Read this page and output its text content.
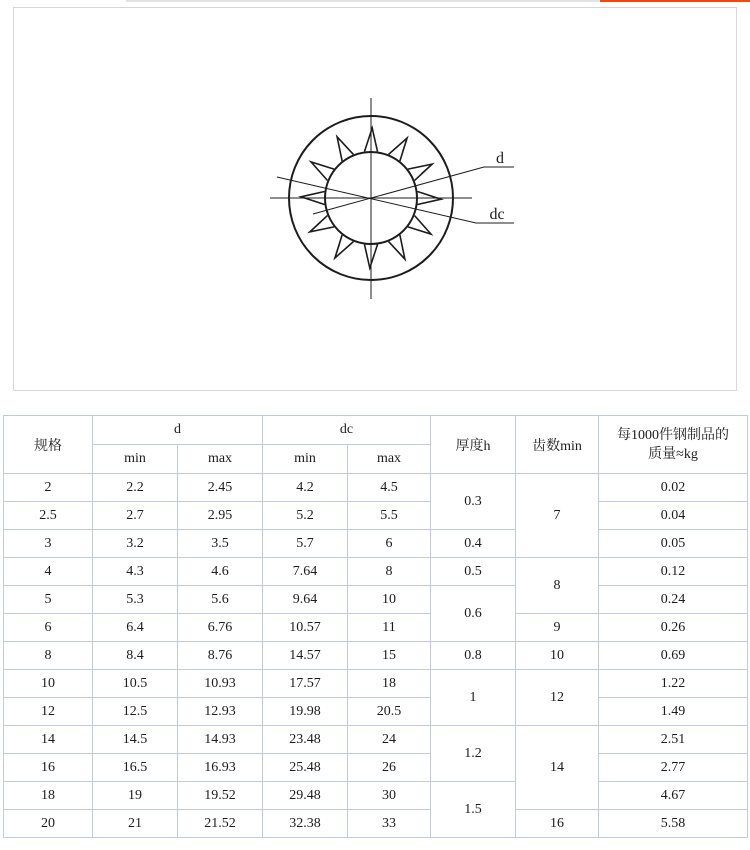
d
dc
规格	d		dc		厚度h	齿数min	每1000件钢制品的
质量≈kg

	min	max	min	max			
2	2.2	2.45	4.2	4.5	0.3	7	0.02
2.5	2.7	2.95	5.2	5.5			0.04
3	3.2	3.5	5.7	6	0.4		0.05
4	4.3	4.6	7.64	8	0.5	8	0.12
5	5.3	5.6	9.64	10	0.6		0.24
6	6.4	6.76	10.57	11		9	0.26
8	8.4	8.76	14.57	15	0.8	10	0.69
10	10.5	10.93	17.57	18	1	12	1.22
12	12.5	12.93	19.98	20.5			1.49
14	14.5	14.93	23.48	24	1.2	14	2.51
16	16.5	16.93	25.48	26			2.77
18	19	19.52	29.48	30	1.5		4.67
20	21	21.52	32.38	33		16	5.58
